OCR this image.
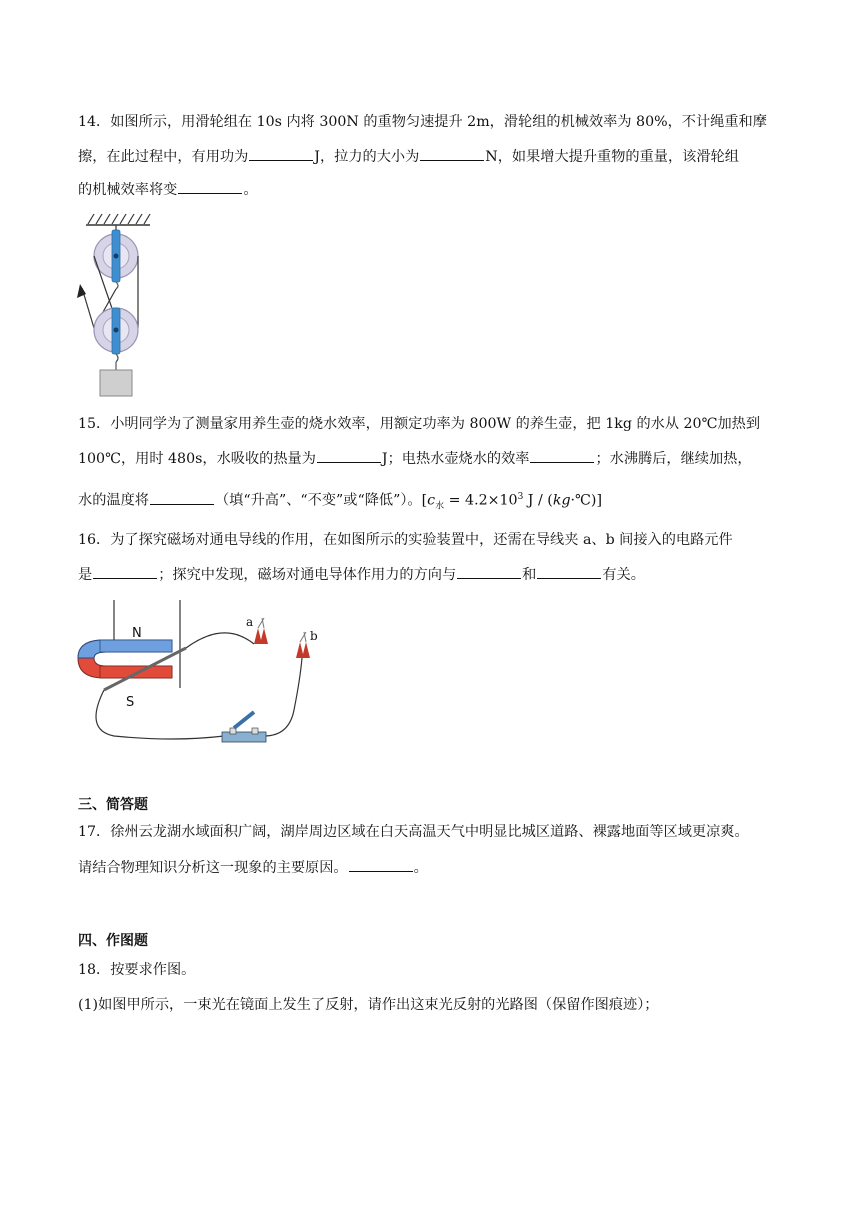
14．如图所示，用滑轮组在 10s 内将 300N 的重物匀速提升 2m，滑轮组的机械效率为 80%，不计绳重和摩
擦，在此过程中，有用功为	J，拉力的大小为	N，如果增大提升重物的重量，该滑轮组
的机械效率将变	。
15．小明同学为了测量家用养生壶的烧水效率，用额定功率为 800W 的养生壶，把 1kg 的水从 20℃加热到
100℃，用时 480s，水吸收的热量为	J；电热水壶烧水的效率	；水沸腾后，继续加热，
水的温度将	（填“升高”、“不变”或“降低”）。[$c_水 = 4.2\times 10^3$ J / (kg·℃)]
16．为了探究磁场对通电导线的作用，在如图所示的实验装置中，还需在导线夹 a、b 间接入的电路元件
是	；探究中发现，磁场对通电导体作用力的方向与	和	有关。
N
S
a
b
三、简答题
17．徐州云龙湖水域面积广阔，湖岸周边区域在白天高温天气中明显比城区道路、裸露地面等区域更凉爽。
请结合物理知识分析这一现象的主要原因。	。
四、作图题
18．按要求作图。
(1)如图甲所示，一束光在镜面上发生了反射，请作出这束光反射的光路图（保留作图痕迹）；
